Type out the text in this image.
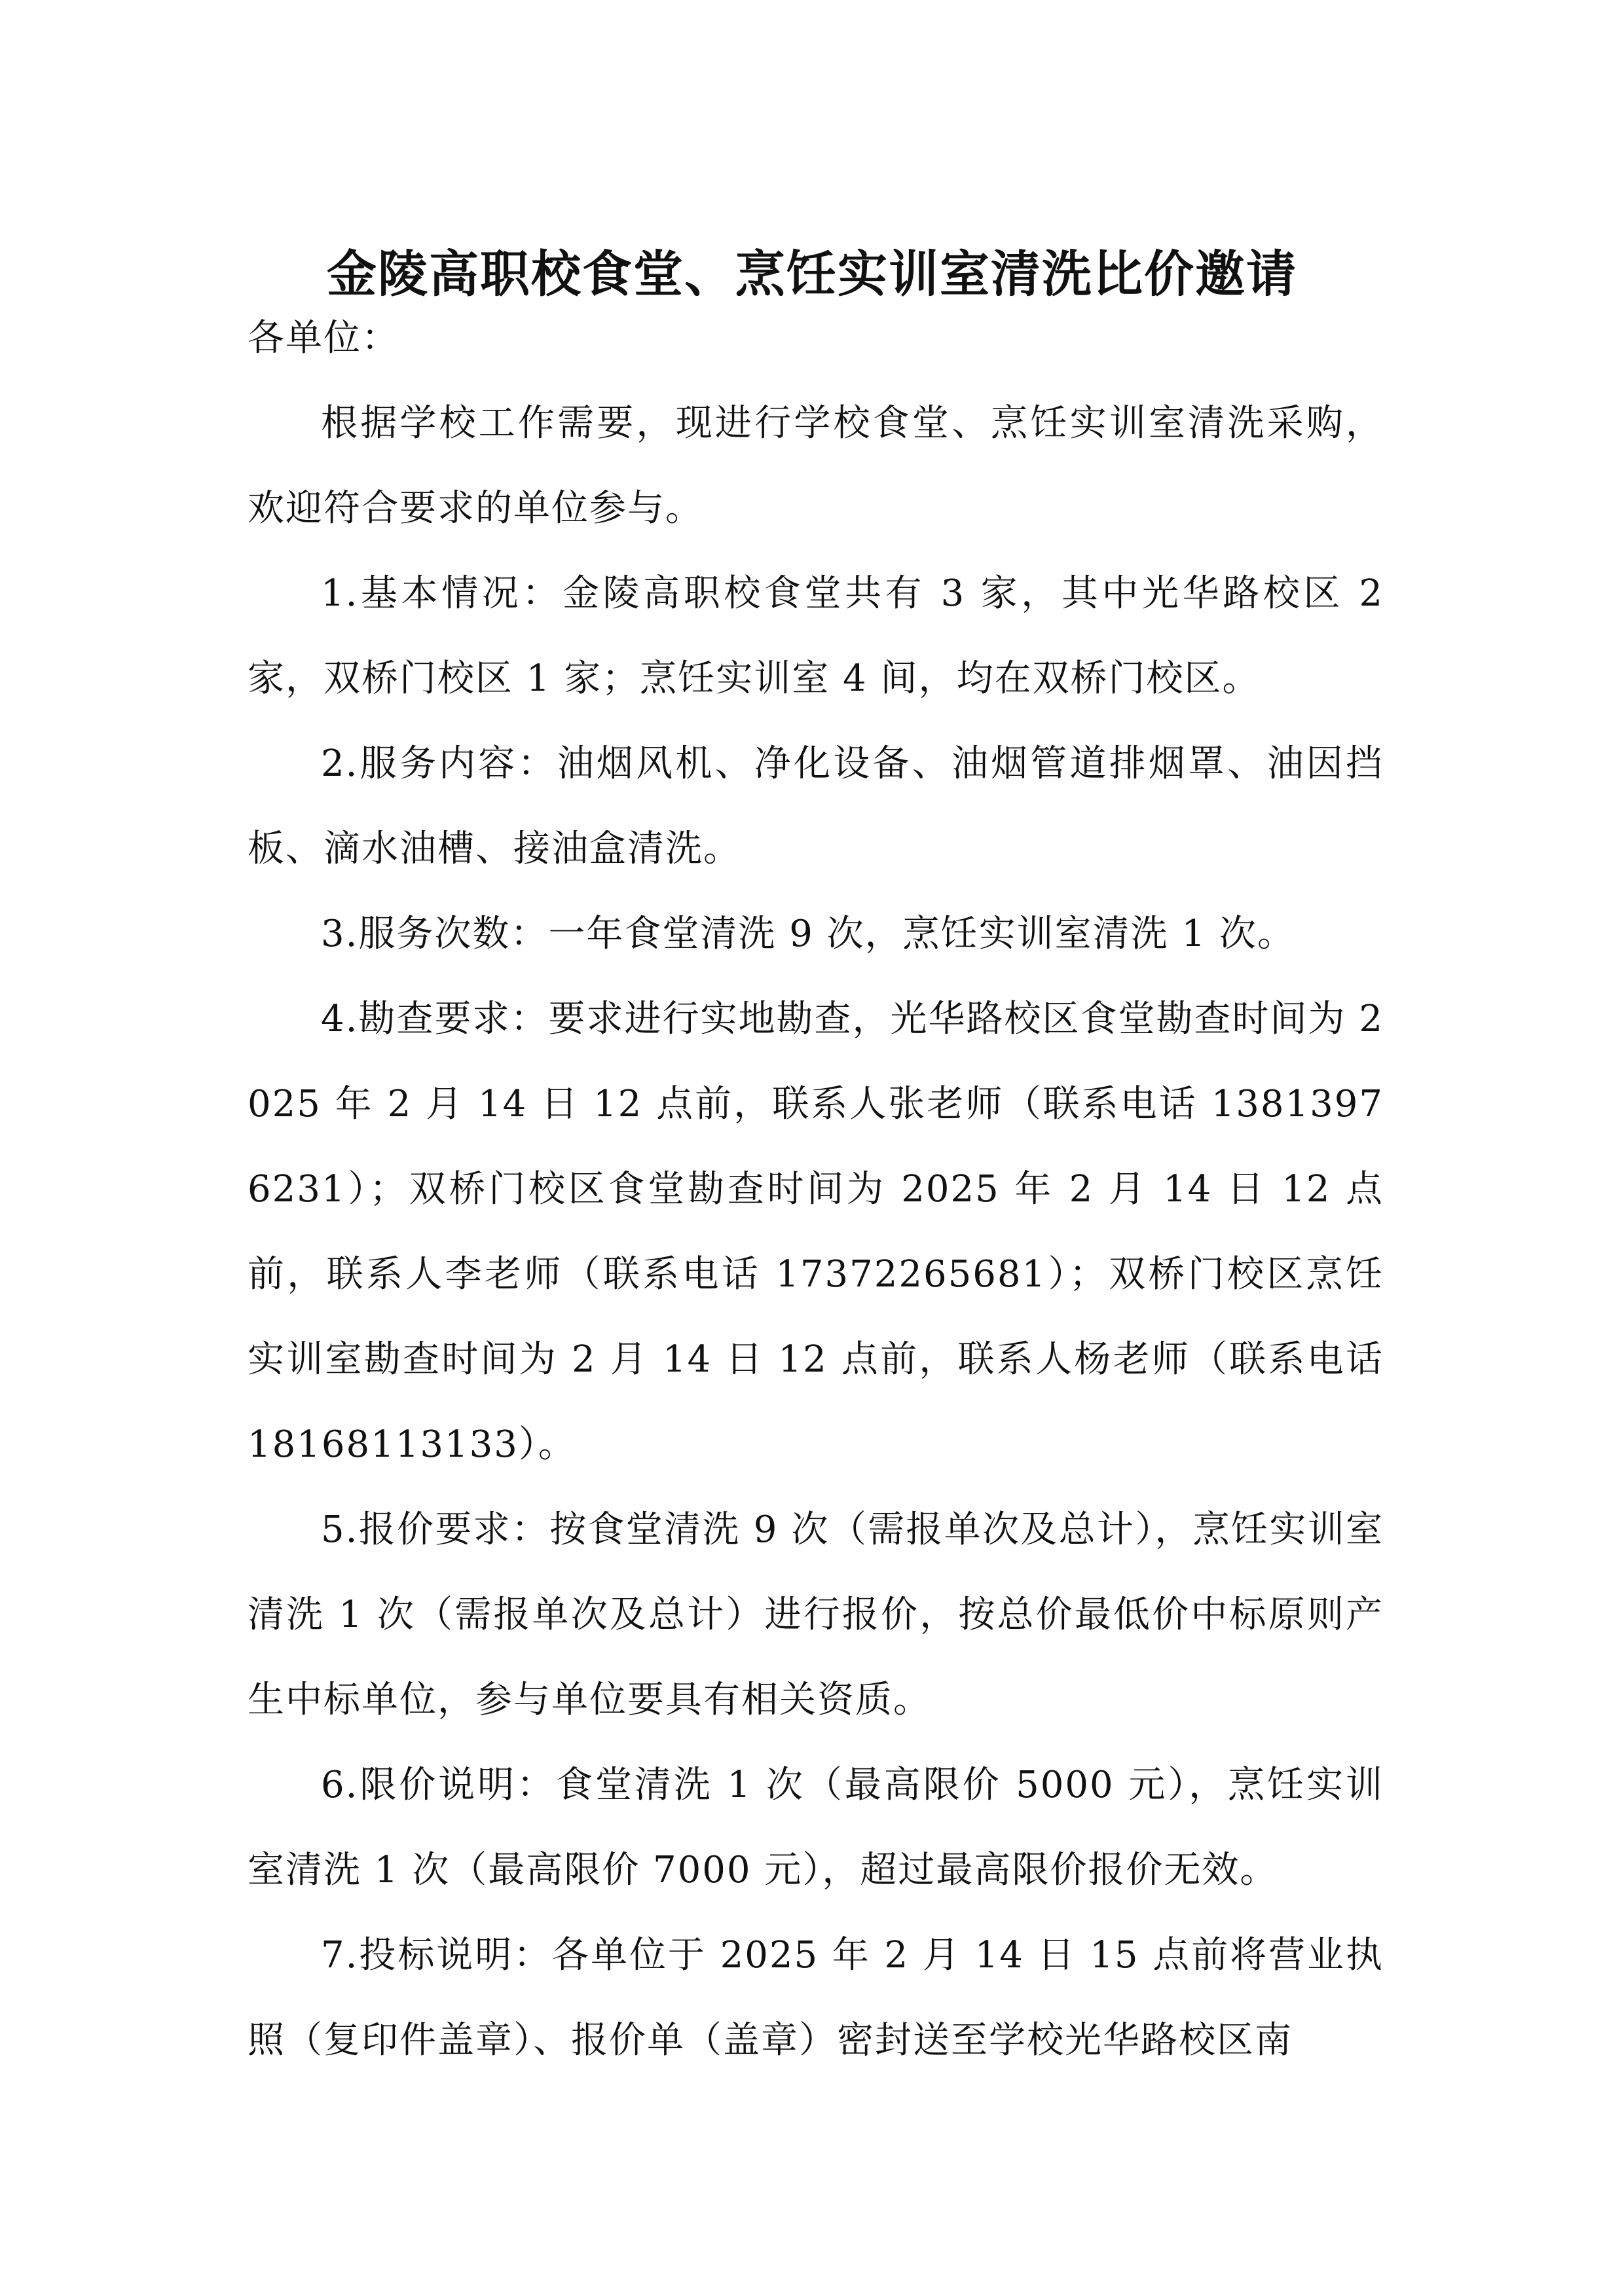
金陵高职校食堂、烹饪实训室清洗比价邀请

各单位：

根据学校工作需要，现进行学校食堂、烹饪实训室清洗采购，欢迎符合要求的单位参与。

1.基本情况：金陵高职校食堂共有 3 家，其中光华路校区 2 家，双桥门校区 1 家；烹饪实训室 4 间，均在双桥门校区。

2.服务内容：油烟风机、净化设备、油烟管道排烟罩、油因挡板、滴水油槽、接油盒清洗。

3.服务次数：一年食堂清洗 9 次，烹饪实训室清洗 1 次。

4.勘查要求：要求进行实地勘查，光华路校区食堂勘查时间为 2025 年 2 月 14 日 12 点前，联系人张老师（联系电话 13813976231）；双桥门校区食堂勘查时间为 2025 年 2 月 14 日 12 点前，联系人李老师（联系电话 17372265681）；双桥门校区烹饪实训室勘查时间为 2 月 14 日 12 点前，联系人杨老师（联系电话 18168113133）。

5.报价要求：按食堂清洗 9 次（需报单次及总计），烹饪实训室清洗 1 次（需报单次及总计）进行报价，按总价最低价中标原则产生中标单位，参与单位要具有相关资质。

6.限价说明：食堂清洗 1 次（最高限价 5000 元），烹饪实训室清洗 1 次（最高限价 7000 元），超过最高限价报价无效。

7.投标说明：各单位于 2025 年 2 月 14 日 15 点前将营业执照（复印件盖章）、报价单（盖章）密封送至学校光华路校区南
